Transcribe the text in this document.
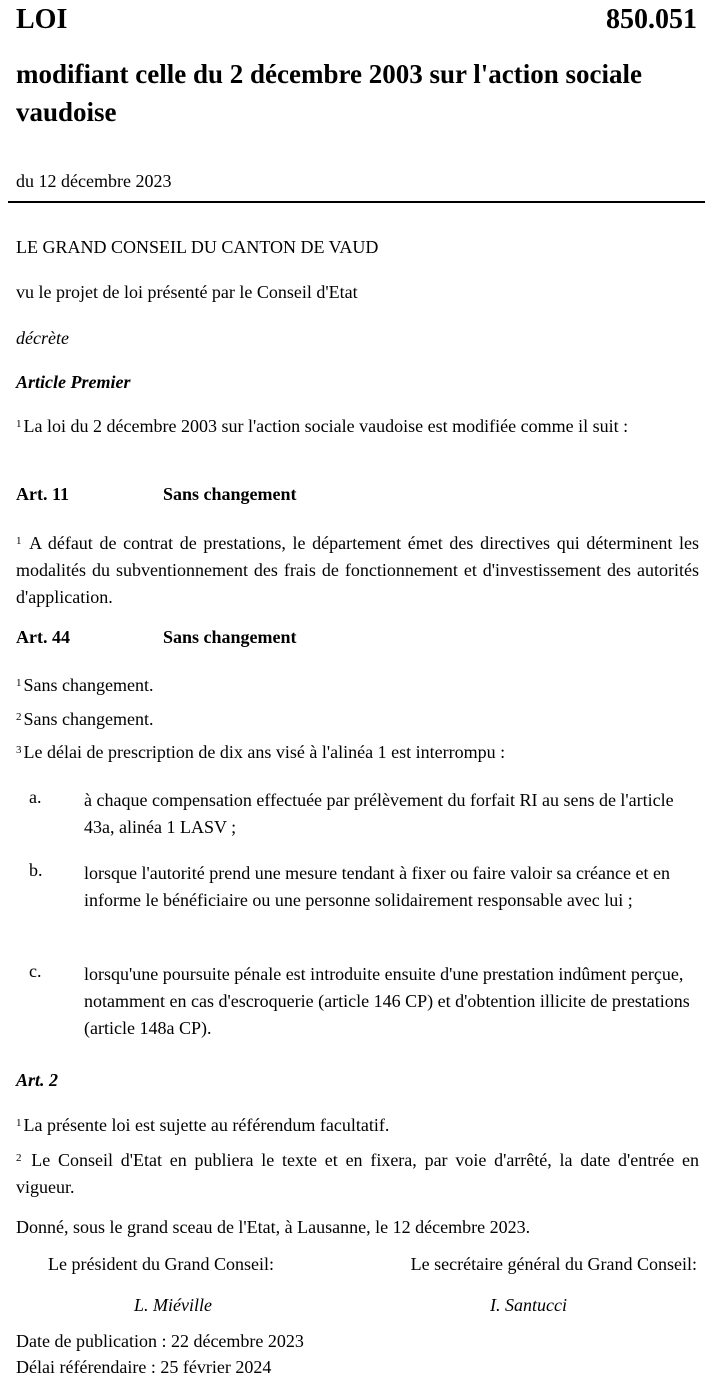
LOI	850.051
modifiant celle du 2 décembre 2003 sur l'action sociale vaudoise
du 12 décembre 2023
LE GRAND CONSEIL DU CANTON DE VAUD
vu le projet de loi présenté par le Conseil d'Etat
décrète
Article Premier
$^1$ La loi du 2 décembre 2003 sur l'action sociale vaudoise est modifiée comme il suit :
Art. 11	Sans changement
$^1$ A défaut de contrat de prestations, le département émet des directives qui déterminent les modalités du subventionnement des frais de fonctionnement et d'investissement des autorités d'application.
Art. 44	Sans changement
$^1$ Sans changement.
$^2$ Sans changement.
$^3$ Le délai de prescription de dix ans visé à l'alinéa 1 est interrompu :
a. à chaque compensation effectuée par prélèvement du forfait RI au sens de l'article 43a, alinéa 1 LASV ;
b. lorsque l'autorité prend une mesure tendant à fixer ou faire valoir sa créance et en informe le bénéficiaire ou une personne solidairement responsable avec lui ;
c. lorsqu'une poursuite pénale est introduite ensuite d'une prestation indûment perçue, notamment en cas d'escroquerie (article 146 CP) et d'obtention illicite de prestations (article 148a CP).
Art. 2
$^1$ La présente loi est sujette au référendum facultatif.
$^2$ Le Conseil d'Etat en publiera le texte et en fixera, par voie d'arrêté, la date d'entrée en vigueur.
Donné, sous le grand sceau de l'Etat, à Lausanne, le 12 décembre 2023.
Le président du Grand Conseil:	Le secrétaire général du Grand Conseil:
L. Miéville	I. Santucci
Date de publication : 22 décembre 2023
Délai référendaire : 25 février 2024
